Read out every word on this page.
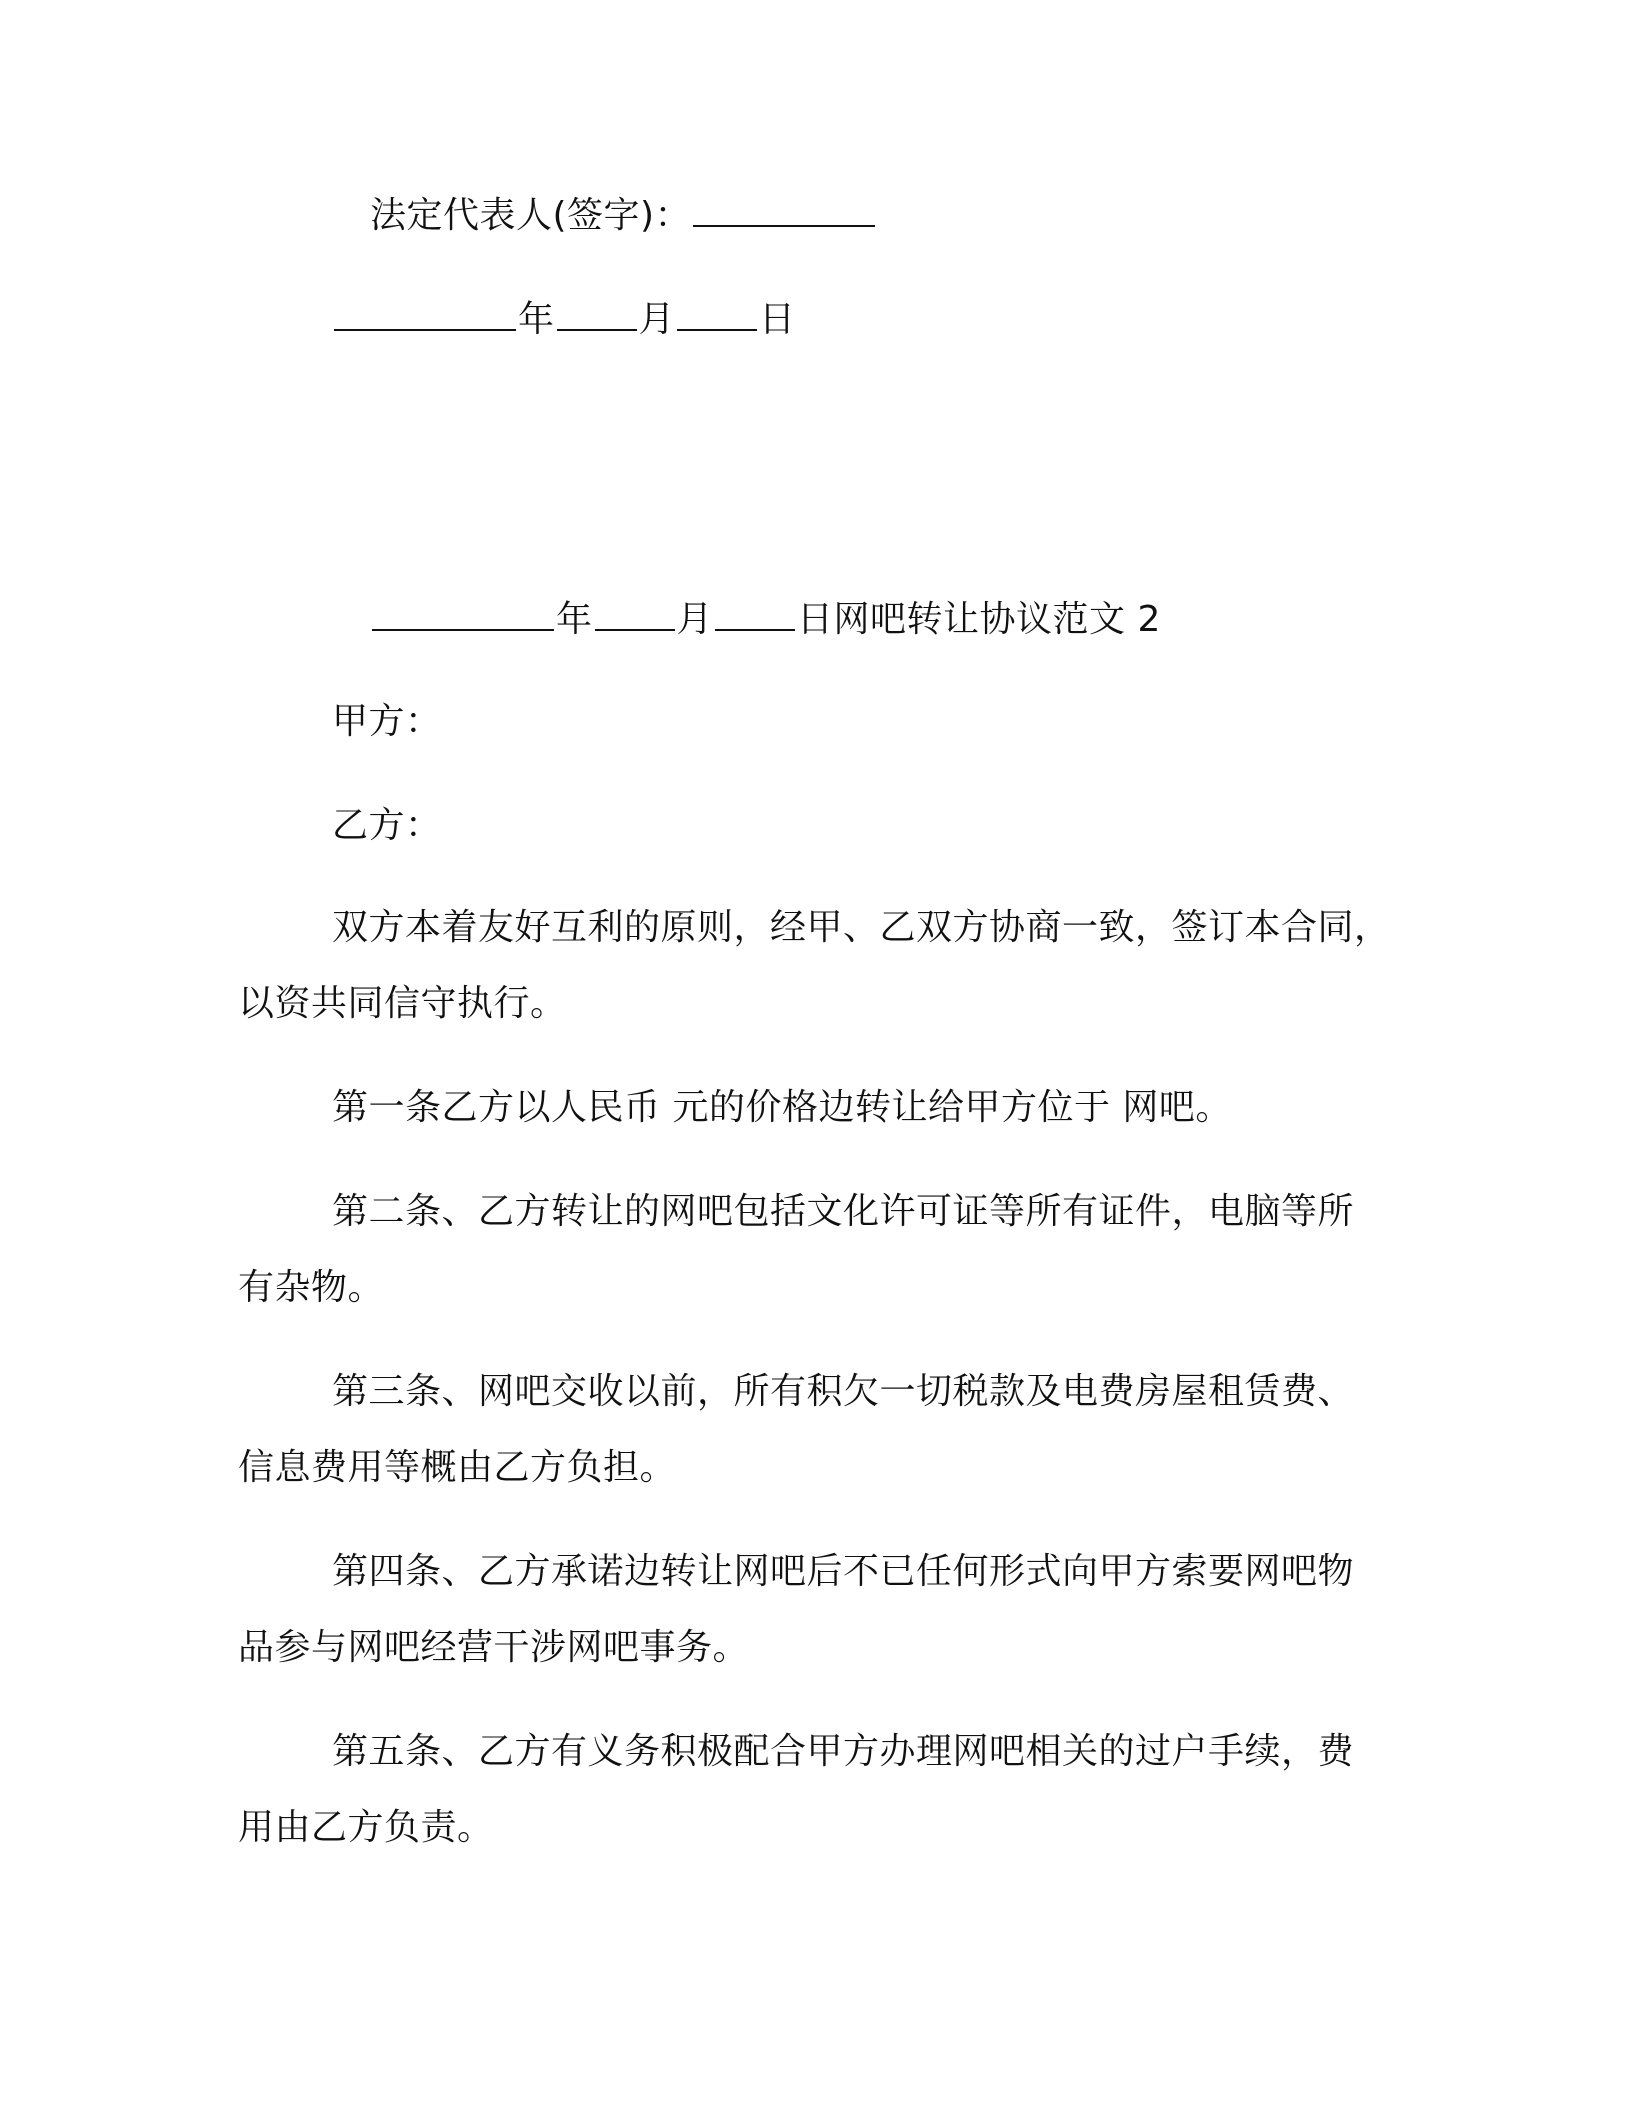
法定代表人(签字)：
年 月 日
年 月 日网吧转让协议范文 2
甲方：
乙方：
双方本着友好互利的原则，经甲、乙双方协商一致，签订本合同，
以资共同信守执行。
第一条乙方以人民币 元的价格边转让给甲方位于 网吧。
第二条、乙方转让的网吧包括文化许可证等所有证件，电脑等所
有杂物。
第三条、网吧交收以前，所有积欠一切税款及电费房屋租赁费、
信息费用等概由乙方负担。
第四条、乙方承诺边转让网吧后不已任何形式向甲方索要网吧物
品参与网吧经营干涉网吧事务。
第五条、乙方有义务积极配合甲方办理网吧相关的过户手续，费
用由乙方负责。
